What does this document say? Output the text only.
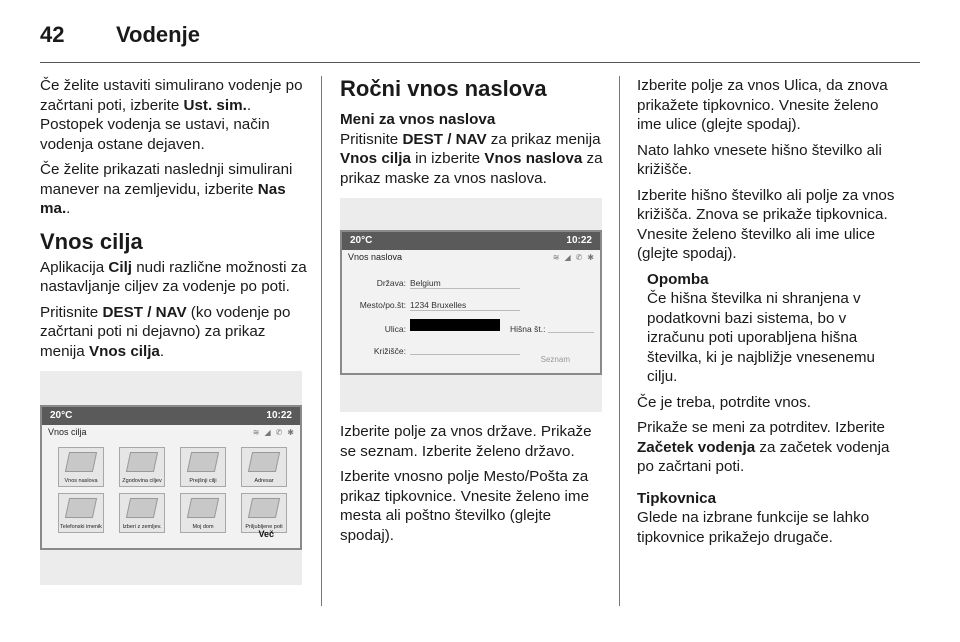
42	Vodenje

Če želite ustaviti simulirano vodenje po začrtani poti, izberite Ust. sim.. Postopek vodenja se ustavi, način vodenja ostane dejaven.

Če želite prikazati naslednji simulirani manever na zemljevidu, izberite Nas ma..

Vnos cilja

Aplikacija Cilj nudi različne možnosti za nastavljanje ciljev za vodenje po poti.

Pritisnite DEST / NAV (ko vodenje po začrtani poti ni dejavno) za prikaz menija Vnos cilja.

20°C	10:22
Vnos cilja	≋ ◢ ✆ ✱
Vnos naslova	Zgodovina ciljev	Prejšnji cilji	Adresar
Telefonski imenik	Izberi z zemljev.	Moj dom	Priljubljene poti
Več
Ročni vnos naslova
Meni za vnos naslova

Pritisnite DEST / NAV za prikaz menija Vnos cilja in izberite Vnos naslova za prikaz maske za vnos naslova.

20°C	10:22
Vnos naslova	≋ ◢ ✆ ✱
Država: Belgium
Mesto/po.št: 1234 Bruxelles
Ulica:	Hišna št.:
Križišče:
Seznam

Izberite polje za vnos države. Prikaže se seznam. Izberite želeno državo.

Izberite vnosno polje Mesto/Pošta za prikaz tipkovnice. Vnesite želeno ime mesta ali poštno številko (glejte spodaj).

Izberite polje za vnos Ulica, da znova prikažete tipkovnico. Vnesite želeno ime ulice (glejte spodaj).

Nato lahko vnesete hišno številko ali križišče.

Izberite hišno številko ali polje za vnos križišča. Znova se prikaže tipkovnica. Vnesite želeno številko ali ime ulice (glejte spodaj).

Opomba

Če hišna številka ni shranjena v podatkovni bazi sistema, bo v izračunu poti uporabljena hišna številka, ki je najbližje vnesenemu cilju.

Če je treba, potrdite vnos.

Prikaže se meni za potrditev. Izberite Začetek vodenja za začetek vodenja po začrtani poti.

Tipkovnica

Glede na izbrane funkcije se lahko tipkovnice prikažejo drugače.
